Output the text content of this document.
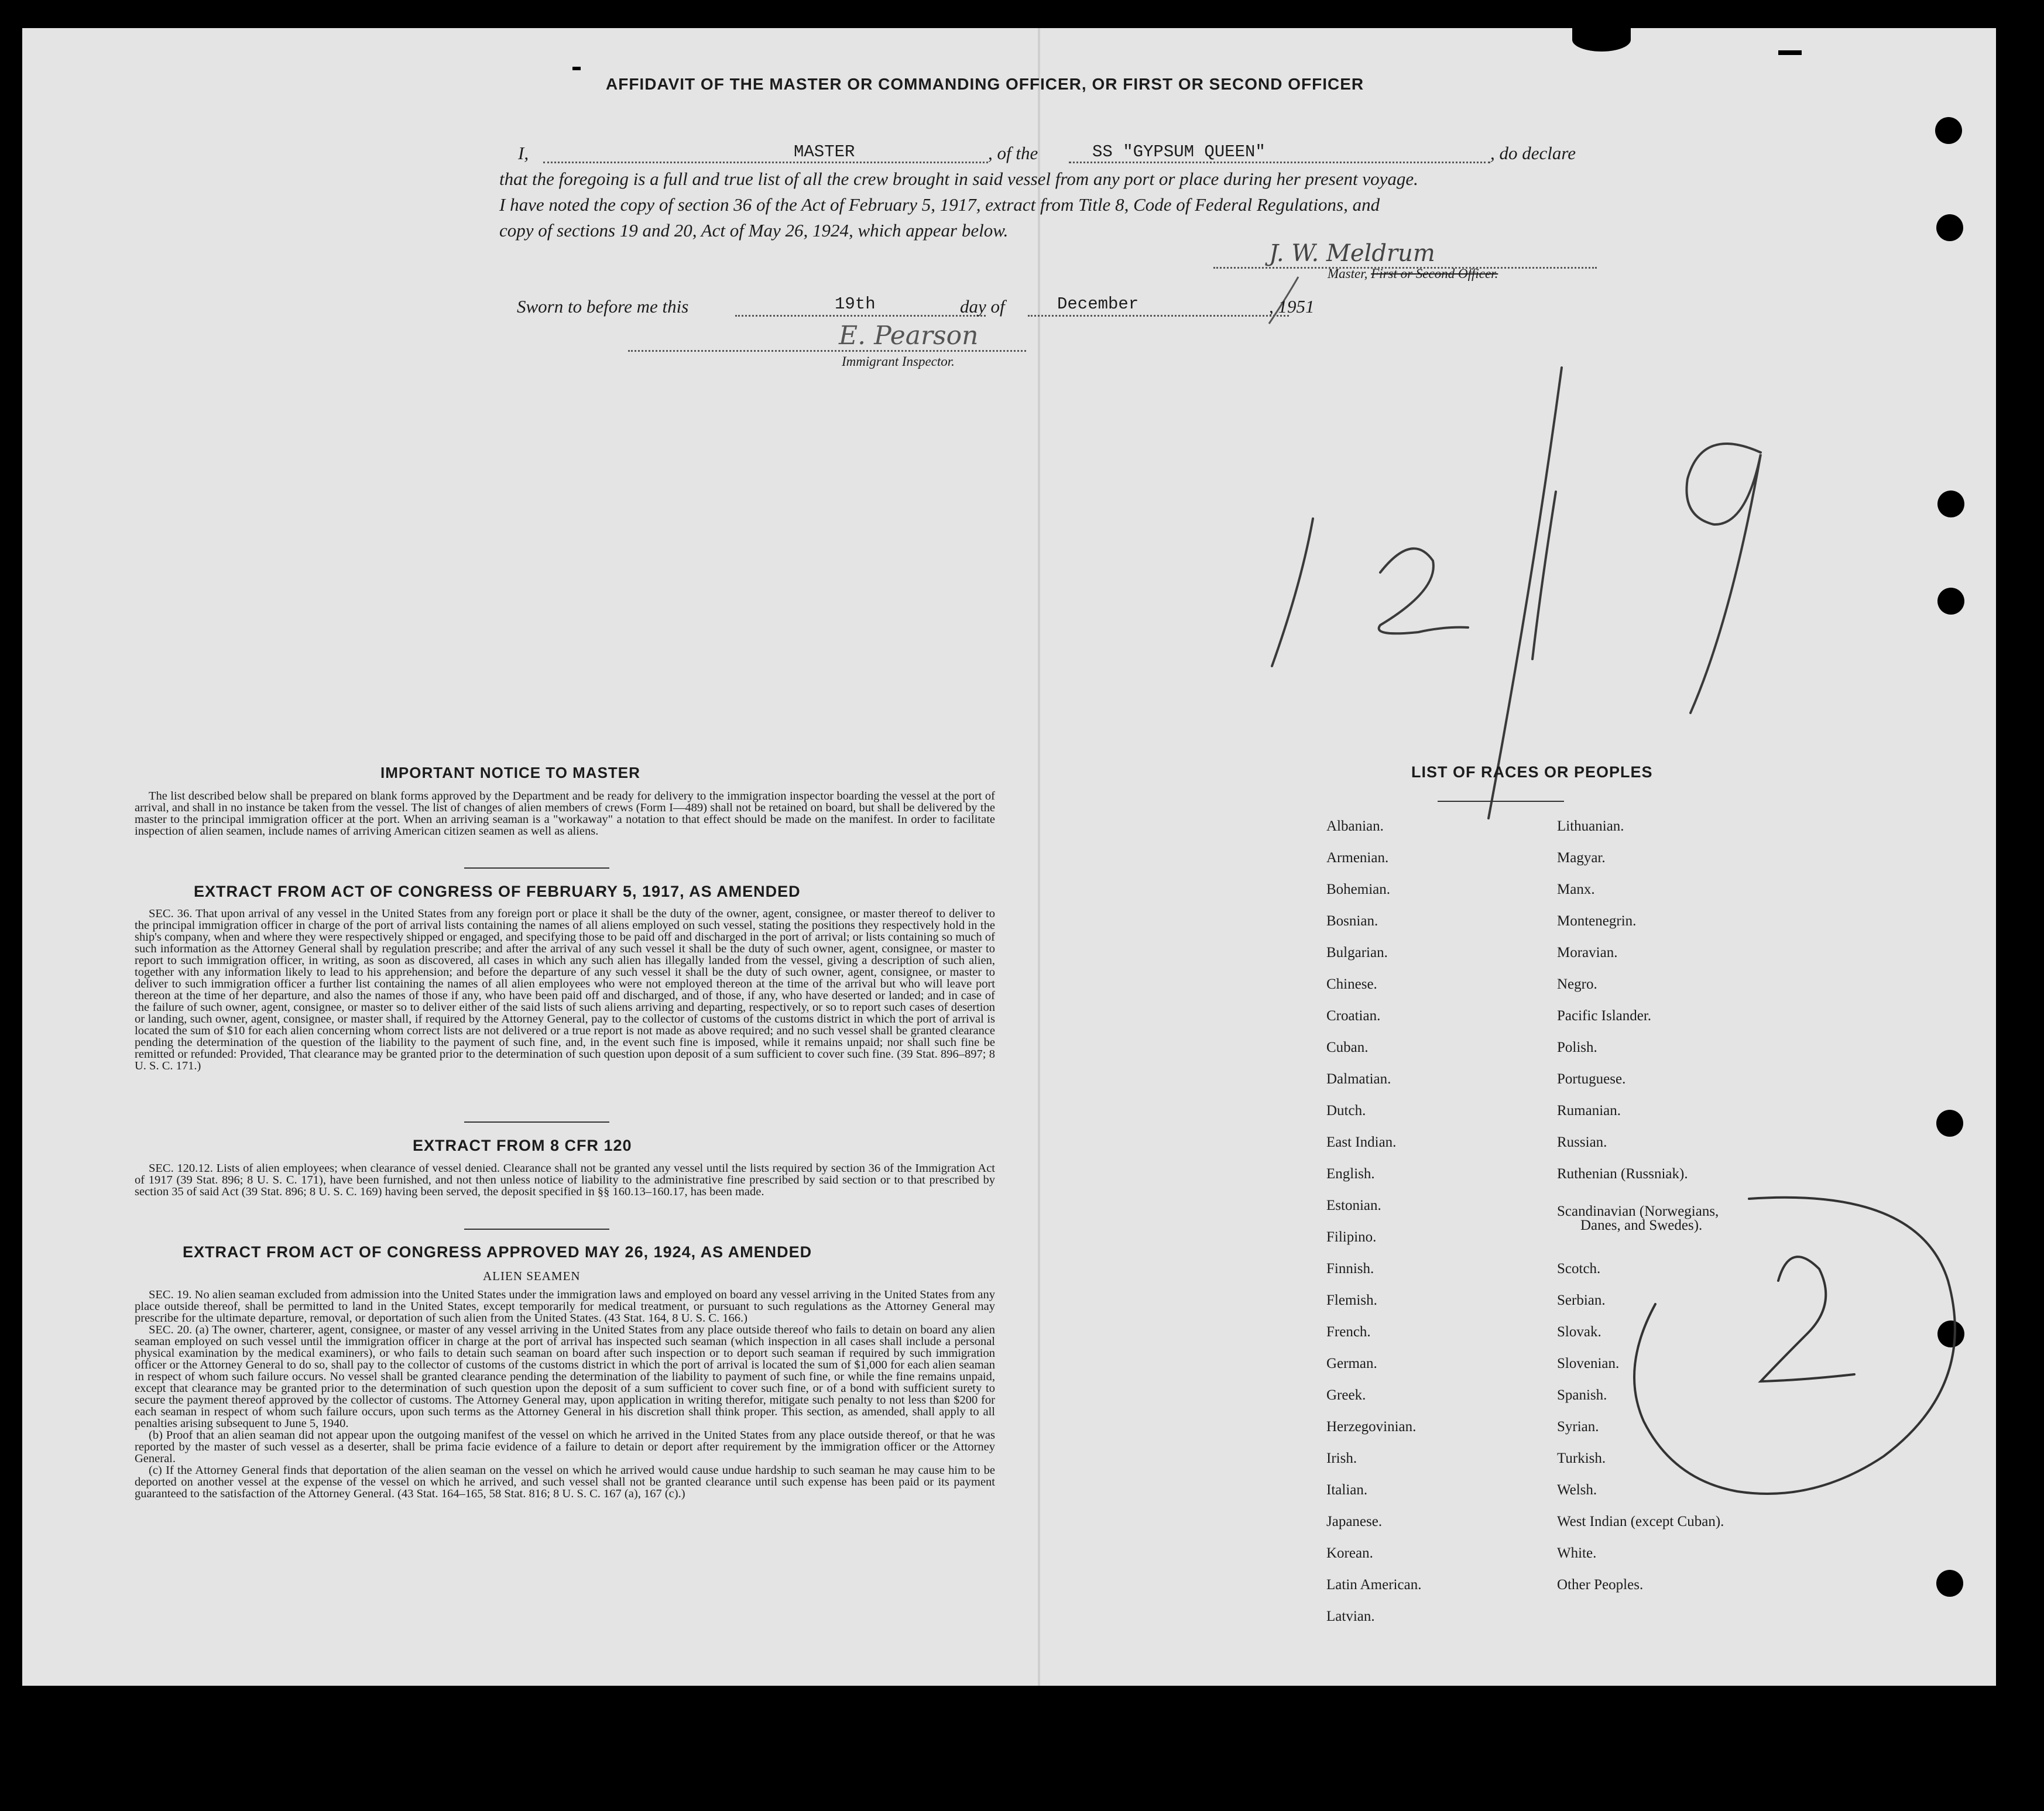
AFFIDAVIT OF THE MASTER OR COMMANDING OFFICER, OR FIRST OR SECOND OFFICER
I,	MASTER	, of the	SS "GYPSUM QUEEN"	, do declare
that the foregoing is a full and true list of all the crew brought in said vessel from any port or place during her present voyage.
I have noted the copy of section 36 of the Act of February 5, 1917, extract from Title 8, Code of Federal Regulations, and
copy of sections 19 and 20, Act of May 26, 1924, which appear below.
J. W. Meldrum
Master, First or Second Officer.
Sworn to before me this	19th	day of	December	, 1951
E. Pearson
Immigrant Inspector.
IMPORTANT NOTICE TO MASTER

The list described below shall be prepared on blank forms approved by the Department and be ready for delivery to the immigration inspector boarding the vessel at the port of arrival, and shall in no instance be taken from the vessel. The list of changes of alien members of crews (Form I—489) shall not be retained on board, but shall be delivered by the master to the principal immigration officer at the port. When an arriving seaman is a "workaway" a notation to that effect should be made on the manifest. In order to facilitate inspection of alien seamen, include names of arriving American citizen seamen as well as aliens.

EXTRACT FROM ACT OF CONGRESS OF FEBRUARY 5, 1917, AS AMENDED

SEC. 36. That upon arrival of any vessel in the United States from any foreign port or place it shall be the duty of the owner, agent, consignee, or master thereof to deliver to the principal immigration officer in charge of the port of arrival lists containing the names of all aliens employed on such vessel, stating the positions they respectively hold in the ship's company, when and where they were respectively shipped or engaged, and specifying those to be paid off and discharged in the port of arrival; or lists containing so much of such information as the Attorney General shall by regulation prescribe; and after the arrival of any such vessel it shall be the duty of such owner, agent, consignee, or master to report to such immigration officer, in writing, as soon as discovered, all cases in which any such alien has illegally landed from the vessel, giving a description of such alien, together with any information likely to lead to his apprehension; and before the departure of any such vessel it shall be the duty of such owner, agent, consignee, or master to deliver to such immigration officer a further list containing the names of all alien employees who were not employed thereon at the time of the arrival but who will leave port thereon at the time of her departure, and also the names of those if any, who have been paid off and discharged, and of those, if any, who have deserted or landed; and in case of the failure of such owner, agent, consignee, or master so to deliver either of the said lists of such aliens arriving and departing, respectively, or so to report such cases of desertion or landing, such owner, agent, consignee, or master shall, if required by the Attorney General, pay to the collector of customs of the customs district in which the port of arrival is located the sum of $10 for each alien concerning whom correct lists are not delivered or a true report is not made as above required; and no such vessel shall be granted clearance pending the determination of the question of the liability to the payment of such fine, and, in the event such fine is imposed, while it remains unpaid; nor shall such fine be remitted or refunded: Provided, That clearance may be granted prior to the determination of such question upon deposit of a sum sufficient to cover such fine. (39 Stat. 896–897; 8 U. S. C. 171.)

EXTRACT FROM 8 CFR 120

SEC. 120.12. Lists of alien employees; when clearance of vessel denied. Clearance shall not be granted any vessel until the lists required by section 36 of the Immigration Act of 1917 (39 Stat. 896; 8 U. S. C. 171), have been furnished, and not then unless notice of liability to the administrative fine prescribed by said section or to that prescribed by section 35 of said Act (39 Stat. 896; 8 U. S. C. 169) having been served, the deposit specified in §§ 160.13–160.17, has been made.

EXTRACT FROM ACT OF CONGRESS APPROVED MAY 26, 1924, AS AMENDED
ALIEN SEAMEN

SEC. 19. No alien seaman excluded from admission into the United States under the immigration laws and employed on board any vessel arriving in the United States from any place outside thereof, shall be permitted to land in the United States, except temporarily for medical treatment, or pursuant to such regulations as the Attorney General may prescribe for the ultimate departure, removal, or deportation of such alien from the United States. (43 Stat. 164, 8 U. S. C. 166.)

SEC. 20. (a) The owner, charterer, agent, consignee, or master of any vessel arriving in the United States from any place outside thereof who fails to detain on board any alien seaman employed on such vessel until the immigration officer in charge at the port of arrival has inspected such seaman (which inspection in all cases shall include a personal physical examination by the medical examiners), or who fails to detain such seaman on board after such inspection or to deport such seaman if required by such immigration officer or the Attorney General to do so, shall pay to the collector of customs of the customs district in which the port of arrival is located the sum of $1,000 for each alien seaman in respect of whom such failure occurs. No vessel shall be granted clearance pending the determination of the liability to payment of such fine, or while the fine remains unpaid, except that clearance may be granted prior to the determination of such question upon the deposit of a sum sufficient to cover such fine, or of a bond with sufficient surety to secure the payment thereof approved by the collector of customs. The Attorney General may, upon application in writing therefor, mitigate such penalty to not less than $200 for each seaman in respect of whom such failure occurs, upon such terms as the Attorney General in his discretion shall think proper. This section, as amended, shall apply to all penalties arising subsequent to June 5, 1940.

(b) Proof that an alien seaman did not appear upon the outgoing manifest of the vessel on which he arrived in the United States from any place outside thereof, or that he was reported by the master of such vessel as a deserter, shall be prima facie evidence of a failure to detain or deport after requirement by the immigration officer or the Attorney General.

(c) If the Attorney General finds that deportation of the alien seaman on the vessel on which he arrived would cause undue hardship to such seaman he may cause him to be deported on another vessel at the expense of the vessel on which he arrived, and such vessel shall not be granted clearance until such expense has been paid or its payment guaranteed to the satisfaction of the Attorney General. (43 Stat. 164–165, 58 Stat. 816; 8 U. S. C. 167 (a), 167 (c).)

LIST OF RACES OR PEOPLES
Albanian.
Armenian.
Bohemian.
Bosnian.
Bulgarian.
Chinese.
Croatian.
Cuban.
Dalmatian.
Dutch.
East Indian.
English.
Estonian.
Filipino.
Finnish.
Flemish.
French.
German.
Greek.
Herzegovinian.
Irish.
Italian.
Japanese.
Korean.
Latin American.
Latvian.
Lithuanian.
Magyar.
Manx.
Montenegrin.
Moravian.
Negro.
Pacific Islander.
Polish.
Portuguese.
Rumanian.
Russian.
Ruthenian (Russniak).
Scandinavian (Norwegians,
Danes, and Swedes).
Scotch.
Serbian.
Slovak.
Slovenian.
Spanish.
Syrian.
Turkish.
Welsh.
West Indian (except Cuban).
White.
Other Peoples.
